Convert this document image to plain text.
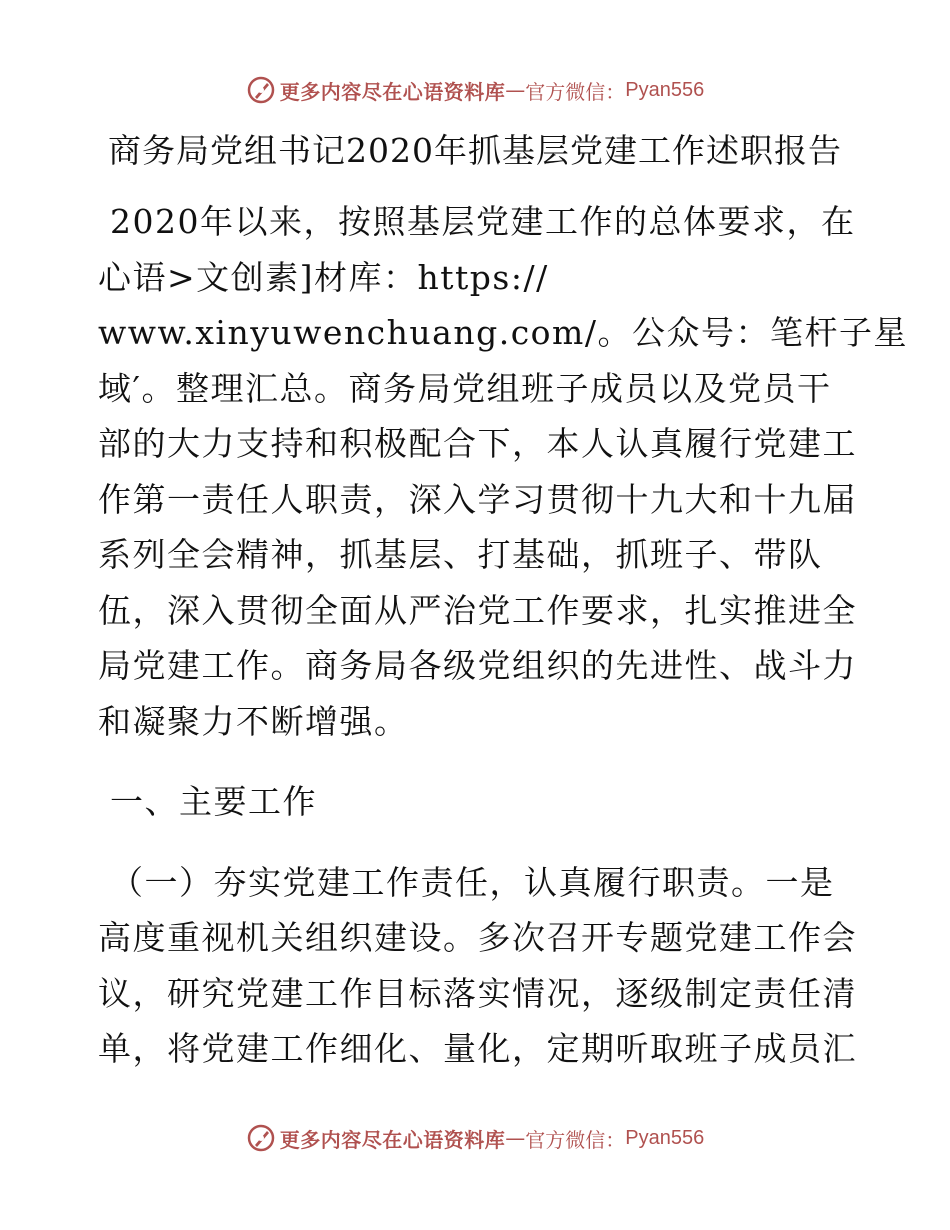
更多内容尽在心语资料库 — 官方微信： Pyan556
商务局党组书记2020年抓基层党建工作述职报告

2020年以来，按照基层党建工作的总体要求，在
心语>文创素]材库：https://
www.xinyuwenchuang.com/。公众号：笔杆子星
域′。整理汇总。商务局党组班子成员以及党员干
部的大力支持和积极配合下，本人认真履行党建工
作第一责任人职责，深入学习贯彻十九大和十九届
系列全会精神，抓基层、打基础，抓班子、带队
伍，深入贯彻全面从严治党工作要求，扎实推进全
局党建工作。商务局各级党组织的先进性、战斗力
和凝聚力不断增强。

一、主要工作

（一）夯实党建工作责任，认真履行职责。一是
高度重视机关组织建设。多次召开专题党建工作会
议，研究党建工作目标落实情况，逐级制定责任清
单，将党建工作细化、量化，定期听取班子成员汇

更多内容尽在心语资料库 — 官方微信： Pyan556
